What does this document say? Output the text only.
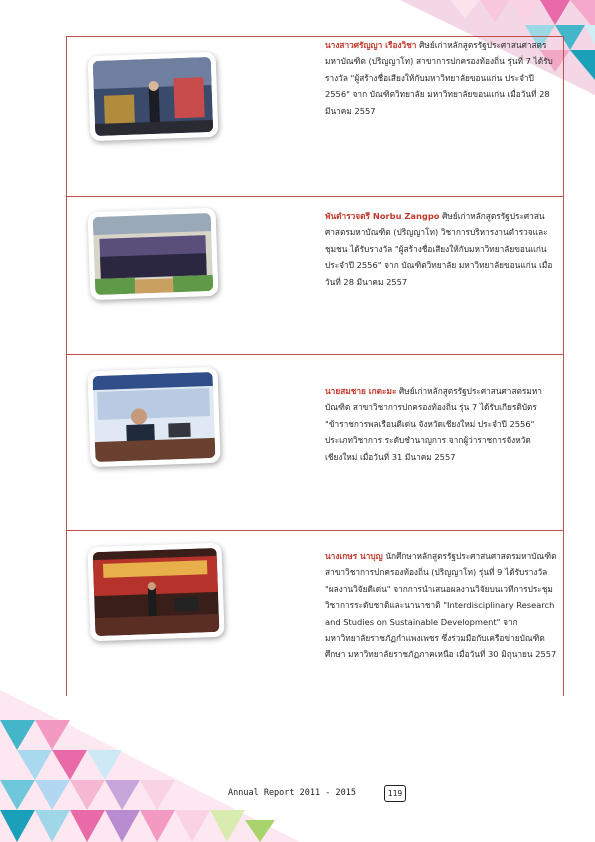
นางสาวศรัญญา เรืองวิชา ศิษย์เก่าหลักสูตรรัฐประศาสนศาสตรมหาบัณฑิต (ปริญญาโท) สาขาการปกครองท้องถิ่น รุ่นที่ 7 ได้รับรางวัล "ผู้สร้างชื่อเสียงให้กับมหาวิทยาลัยขอนแก่น ประจำปี 2556" จาก บัณฑิตวิทยาลัย มหาวิทยาลัยขอนแก่น เมื่อวันที่ 28 มีนาคม 2557
พันตำรวจตรี Norbu Zangpo ศิษย์เก่าหลักสูตรรัฐประศาสนศาสตรมหาบัณฑิต (ปริญญาโท) วิชาการบริหารงานตำรวจและชุมชน ได้รับรางวัล "ผู้สร้างชื่อเสียงให้กับมหาวิทยาลัยขอนแก่น ประจำปี 2556" จาก บัณฑิตวิทยาลัย มหาวิทยาลัยขอนแก่น เมื่อวันที่ 28 มีนาคม 2557
นายสมชาย เกตะมะ ศิษย์เก่าหลักสูตรรัฐประศาสนศาสตรมหาบัณฑิต สาขาวิชาการปกครองท้องถิ่น รุ่น 7 ได้รับเกียรติบัตร "ข้าราชการพลเรือนดีเด่น จังหวัดเชียงใหม่ ประจำปี 2556" ประเภทวิชาการ ระดับชำนาญการ จากผู้ว่าราชการจังหวัดเชียงใหม่ เมื่อวันที่ 31 มีนาคม 2557
นางเกษร นาบุญ นักศึกษาหลักสูตรรัฐประศาสนศาสตรมหาบัณฑิต สาขาวิชาการปกครองท้องถิ่น (ปริญญาโท) รุ่นที่ 9 ได้รับรางวัล "ผลงานวิจัยดีเด่น" จากการนำเสนอผลงานวิจัยบนเวทีการประชุมวิชาการระดับชาติและนานาชาติ "Interdisciplinary Research and Studies on Sustainable Development" จาก มหาวิทยาลัยราชภัฏกำแพงเพชร ซึ่งร่วมมือกับเครือข่ายบัณฑิตศึกษา มหาวิทยาลัยราชภัฏภาคเหนือ เมื่อวันที่ 30 มิถุนายน 2557
Annual Report 2011 - 2015	119
